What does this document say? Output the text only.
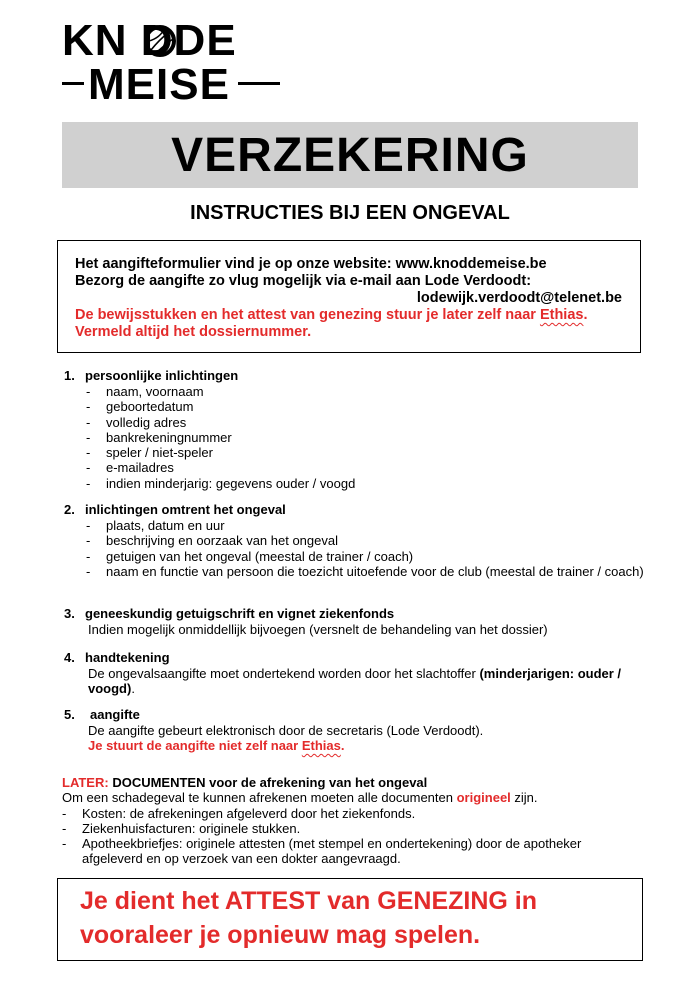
KN DDE
MEISE
VERZEKERING
INSTRUCTIES BIJ EEN ONGEVAL
Het aangifteformulier vind je op onze website: www.knoddemeise.be
Bezorg de aangifte zo vlug mogelijk via e-mail aan Lode Verdoodt:
lodewijk.verdoodt@telenet.be
De bewijsstukken en het attest van genezing stuur je later zelf naar Ethias.
Vermeld altijd het dossiernummer.
1. persoonlijke inlichtingen
- naam, voornaam
- geboortedatum
- volledig adres
- bankrekeningnummer
- speler / niet-speler
- e-mailadres
- indien minderjarig: gegevens ouder / voogd
2. inlichtingen omtrent het ongeval
- plaats, datum en uur
- beschrijving en oorzaak van het ongeval
- getuigen van het ongeval (meestal de trainer / coach)
- naam en functie van persoon die toezicht uitoefende voor de club (meestal de trainer / coach)
3. geneeskundig getuigschrift en vignet ziekenfonds
Indien mogelijk onmiddellijk bijvoegen (versnelt de behandeling van het dossier)
4. handtekening
De ongevalsaangifte moet ondertekend worden door het slachtoffer (minderjarigen: ouder / voogd).
5. aangifte
De aangifte gebeurt elektronisch door de secretaris (Lode Verdoodt).
Je stuurt de aangifte niet zelf naar Ethias.
LATER: DOCUMENTEN voor de afrekening van het ongeval
Om een schadegeval te kunnen afrekenen moeten alle documenten origineel zijn.
- Kosten: de afrekeningen afgeleverd door het ziekenfonds.
- Ziekenhuisfacturen: originele stukken.
- Apotheekbriefjes: originele attesten (met stempel en ondertekening) door de apotheker afgeleverd en op verzoek van een dokter aangevraagd.
Je dient het ATTEST van GENEZING in
vooraleer je opnieuw mag spelen.
